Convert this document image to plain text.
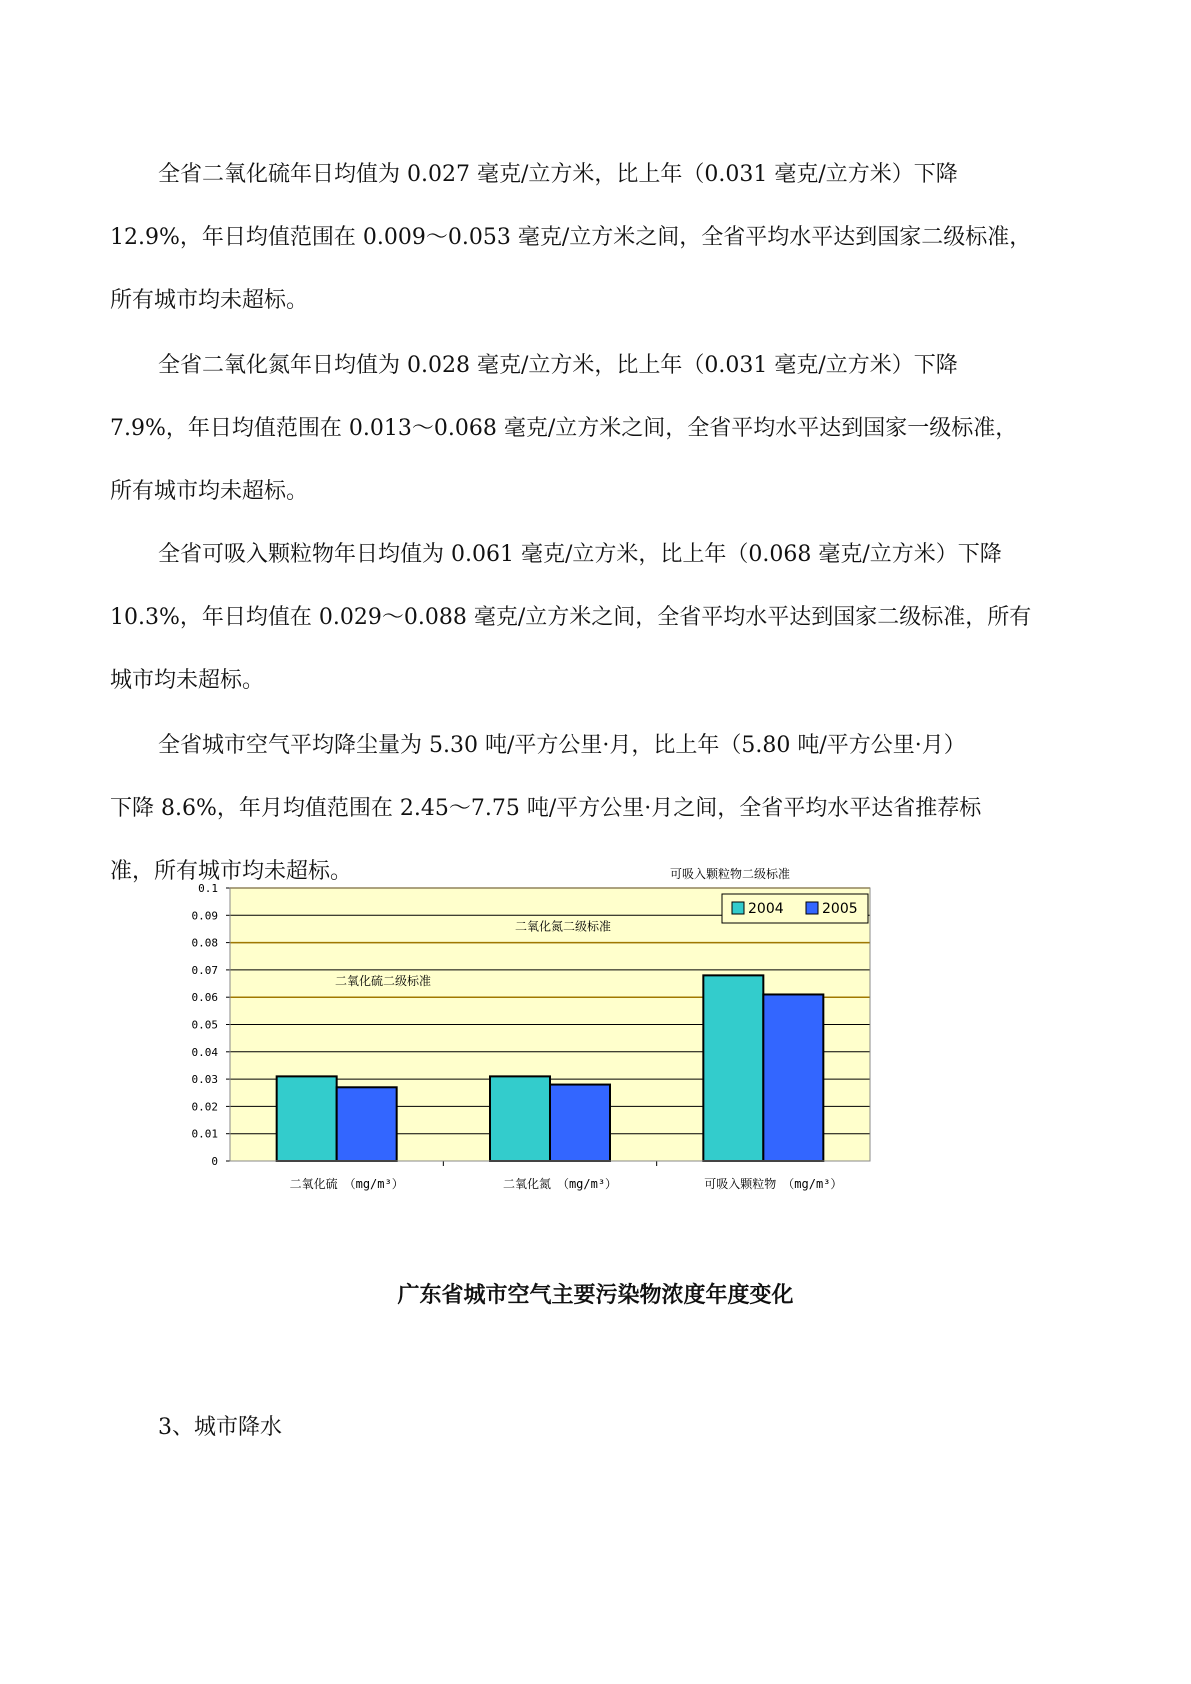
全省二氧化硫年日均值为 0.027 毫克/立方米，比上年（0.031 毫克/立方米）下降
12.9%，年日均值范围在 0.009～0.053 毫克/立方米之间，全省平均水平达到国家二级标准，
所有城市均未超标。
全省二氧化氮年日均值为 0.028 毫克/立方米，比上年（0.031 毫克/立方米）下降
7.9%，年日均值范围在 0.013～0.068 毫克/立方米之间，全省平均水平达到国家一级标准，
所有城市均未超标。
全省可吸入颗粒物年日均值为 0.061 毫克/立方米，比上年（0.068 毫克/立方米）下降
10.3%，年日均值在 0.029～0.088 毫克/立方米之间，全省平均水平达到国家二级标准，所有
城市均未超标。
全省城市空气平均降尘量为 5.30 吨/平方公里·月，比上年（5.80 吨/平方公里·月）
下降 8.6%，年月均值范围在 2.45～7.75 吨/平方公里·月之间，全省平均水平达省推荐标
准，所有城市均未超标。
0
0.01
0.02
0.03
0.04
0.05
0.06
0.07
0.08
0.09
0.1
二氧化硫二级标准
二氧化氮二级标准
可吸入颗粒物二级标准
二氧化硫　（mg/m³）	二氧化氮　（mg/m³）	可吸入颗粒物　（mg/m³）
2004	2005
广东省城市空气主要污染物浓度年度变化
3、城市降水
